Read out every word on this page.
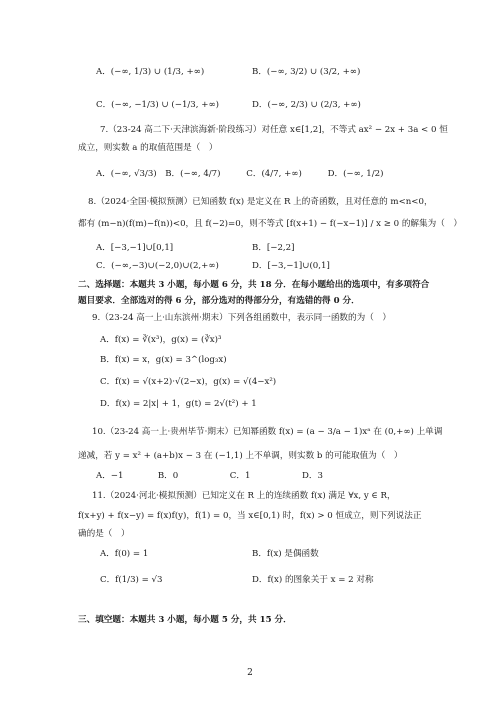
A．(−∞, 1/3) ∪ (1/3, +∞)	B．(−∞, 3/2) ∪ (3/2, +∞)
C．(−∞, −1/3) ∪ (−1/3, +∞)	D．(−∞, 2/3) ∪ (2/3, +∞)
7.（23-24 高二下·天津滨海新·阶段练习）对任意 x∈[1,2]，不等式 ax² − 2x + 3a < 0 恒
成立，则实数 a 的取值范围是（　）
A．(−∞, √3/3)　B．(−∞, 4/7)　　　C．(4/7, +∞)　　　D．(−∞, 1/2)
8.（2024·全国·模拟预测）已知函数 f(x) 是定义在 R 上的奇函数，且对任意的 m<n<0，
都有 (m−n)(f(m)−f(n))<0，且 f(−2)=0，则不等式 [f(x+1) − f(−x−1)] / x ≥ 0 的解集为（　）
A．[−3,−1]∪[0,1]	B．[−2,2]
C．(−∞,−3)∪(−2,0)∪(2,+∞)	D．[−3,−1]∪(0,1]
二、选择题：本题共 3 小题，每小题 6 分，共 18 分．在每小题给出的选项中，有多项符合
题目要求．全部选对的得 6 分，部分选对的得部分分，有选错的得 0 分．
9.（23-24 高一上·山东滨州·期末）下列各组函数中，表示同一函数的为（　）
A．f(x) = ∛(x³)，g(x) = (∛x)³
B．f(x) = x，g(x) = 3^(log₃x)
C．f(x) = √(x+2)·√(2−x)，g(x) = √(4−x²)
D．f(x) = 2|x| + 1，g(t) = 2√(t²) + 1
10.（23-24 高一上·贵州毕节·期末）已知幂函数 f(x) = (a − 3/a − 1)xᵃ 在 (0,+∞) 上单调
递减，若 y = x² + (a+b)x − 3 在 (−1,1) 上不单调，则实数 b 的可能取值为（　）
A．−1　　　　B．0　　　　　　C．1　　　　　　D．3
11.（2024·河北·模拟预测）已知定义在 R 上的连续函数 f(x) 满足 ∀x, y ∈ R，
f(x+y) + f(x−y) = f(x)f(y)，f(1) = 0，当 x∈[0,1) 时，f(x) > 0 恒成立，则下列说法正
确的是（　）
A．f(0) = 1	B．f(x) 是偶函数
C．f(1/3) = √3	D．f(x) 的图象关于 x = 2 对称
三、填空题：本题共 3 小题，每小题 5 分，共 15 分．
2
